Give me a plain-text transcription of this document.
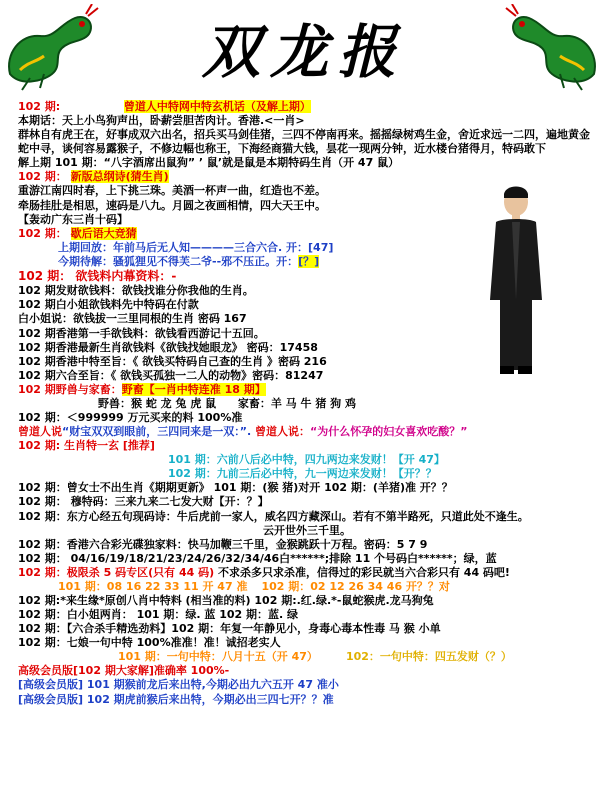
双龙报
102 期:	曾道人中特网中特玄机话（及解上期）
本期话：天上小鸟狗声出，卧薪尝胆苦肉计。香港.<一肖>
群林自有虎王在，好事成双六出名，招兵买马剑佳猪，三四不停南再来。摇摇绿树鸡生金，舍近求远一二四，遍地黄金蛇中寻，谈何容易露猴子，不修边幅也称王，下海经商猫大钱，昙花一现两分钟，近水楼台猪得月，特码敢下
解上期 101 期：“八字酒席出鼠狗” ’ 鼠’就是鼠是本期特码生肖（开 47 鼠）
102 期： 新版总纲诗(猜生肖)
重游江南四时春，上下挑三珠。美酒一杯声一曲，红造也不差。
牵肠挂肚是相思，速码是八九。月圆之夜画相情，四大天王中。
【轰动广东三肖十码】
102 期： 歇后语大竞猜
上期回放：年前马后无人知————三合六合. 开：[47]
今期待解：骚狐狸见不得芙二爷--邪不压正。开：[？]
102 期： 欲钱料内幕资料：-
102 期发财欲钱料：欲钱找谁分你我他的生肖。
102 期白小姐欲钱料先中特码在付款
白小姐说：欲钱拔一三里同根的生肖 密码 167
102 期香港第一手欲钱料：欲钱看西游记十五回。
102 期香港最新生肖欲钱料《欲钱找她眼龙》 密码：17458
102 期香港中特至旨：《 欲钱买特码自己查的生肖 》密码 216
102 期六合至旨：《 欲钱买孤独一二人的动物》密码：81247
102 期野兽与家畜：野畜【一肖中特连准 18 期】
野兽：猴 蛇 龙 兔 虎 鼠 家畜：羊 马 牛 猪 狗 鸡
102 期：＜999999 万元买来的料 100%准
曾道人说“财宝双双到眼前，三四同来是一双：”. 曾道人说：“为什么怀孕的妇女喜欢吃酸？”
102 期: 生肖特一玄 [推荐]
101 期：六前八后必中特，四九两边来发财！【开 47】
102 期：九前三后必中特，九一两边来发财！【开？？
102 期：曾女士不出生肖《期期更新》 101 期：(猴 猪)对开 102 期：(羊猪)准 开？？
102 期： 穆特码：三来九来二七发大财【开：？】
102 期：东方心经五句现码诗：牛后虎前一家人，威名四方藏深山。若有不第半路死，只道此处不逢生。
云开世外三千里。
102 期：香港六合彩光碟独家料：快马加鞭三千里，金猴跳跃十万程。密码：5 7 9
102 期： 04/16/19/18/21/23/24/26/32/34/46白******;排除 11 个号码白******；绿，蓝
102 期：极限杀 5 码专区(只有 44 码) 不求杀多只求杀准，信得过的彩民就当六合彩只有 44 码吧!
101 期：08 16 22 33 11 开 47 准 102 期：02 12 26 34 46 开？？对
102 期:*来生缘*原创八肖中特料 (相当准的料) 102 期:.红.绿.*-鼠蛇猴虎.龙马狗兔
102 期：白小姐两肖： 101 期：绿. 蓝 102 期：蓝. 绿
102 期：【六合杀手精选劲料】102 期：年复一年静见小，身毒心毒本性毒 马 猴 小单
102 期：七娘一句中特 100%准准！准！诚招老实人
101 期：一句中特：八月十五（开 47）	102：一句中特：四五发财（？）
高级会员版[102 期大家解]准确率 100%-
[高级会员版] 101 期猴前龙后来出特,今期必出九六五开 47 准小
[高级会员版] 102 期虎前猴后来出特，今期必出三四七开？？准
